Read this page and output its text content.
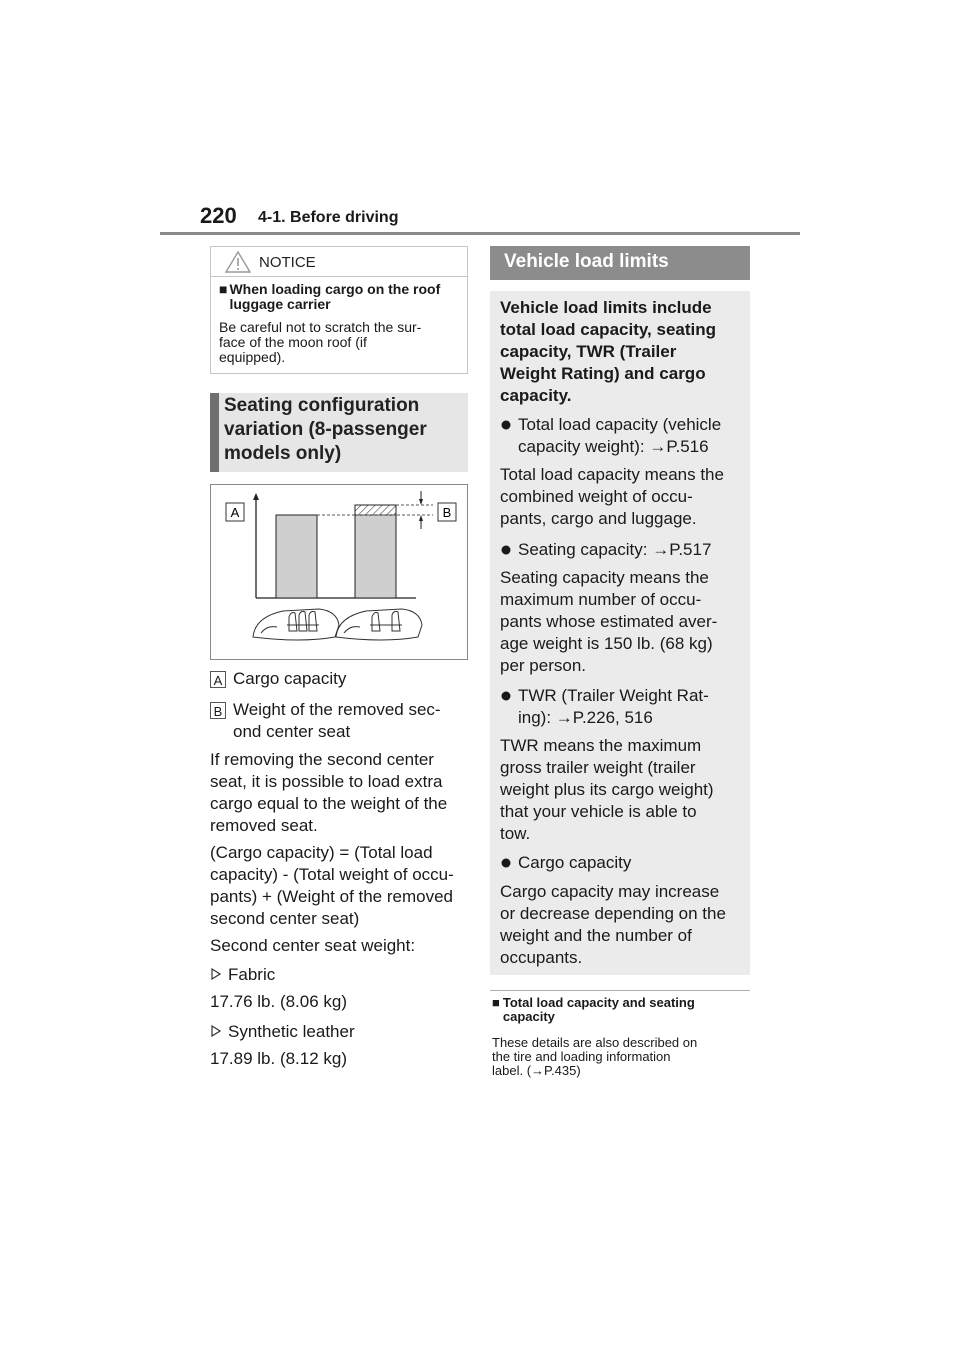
220 4-1. Before driving
NOTICE
■ When loading cargo on the roof luggage carrier
Be careful not to scratch the sur-
face of the moon roof (if
equipped).
Seating configuration
variation (8-passenger
models only)
A	B
A Cargo capacity
B Weight of the removed sec-
ond center seat
If removing the second center
seat, it is possible to load extra
cargo equal to the weight of the
removed seat.
(Cargo capacity) = (Total load
capacity) - (Total weight of occu-
pants) + (Weight of the removed
second center seat)
Second center seat weight:
Fabric
17.76 lb. (8.06 kg)
Synthetic leather
17.89 lb. (8.12 kg)
Vehicle load limits
Vehicle load limits include
total load capacity, seating
capacity, TWR (Trailer
Weight Rating) and cargo
capacity.
Total load capacity (vehicle
capacity weight): →P.516
Total load capacity means the
combined weight of occu-
pants, cargo and luggage.
Seating capacity: →P.517
Seating capacity means the
maximum number of occu-
pants whose estimated aver-
age weight is 150 lb. (68 kg)
per person.
TWR (Trailer Weight Rat-
ing): →P.226, 516
TWR means the maximum
gross trailer weight (trailer
weight plus its cargo weight)
that your vehicle is able to
tow.
Cargo capacity
Cargo capacity may increase
or decrease depending on the
weight and the number of
occupants.
■ Total load capacity and seating
capacity
These details are also described on
the tire and loading information
label. (→P.435)
